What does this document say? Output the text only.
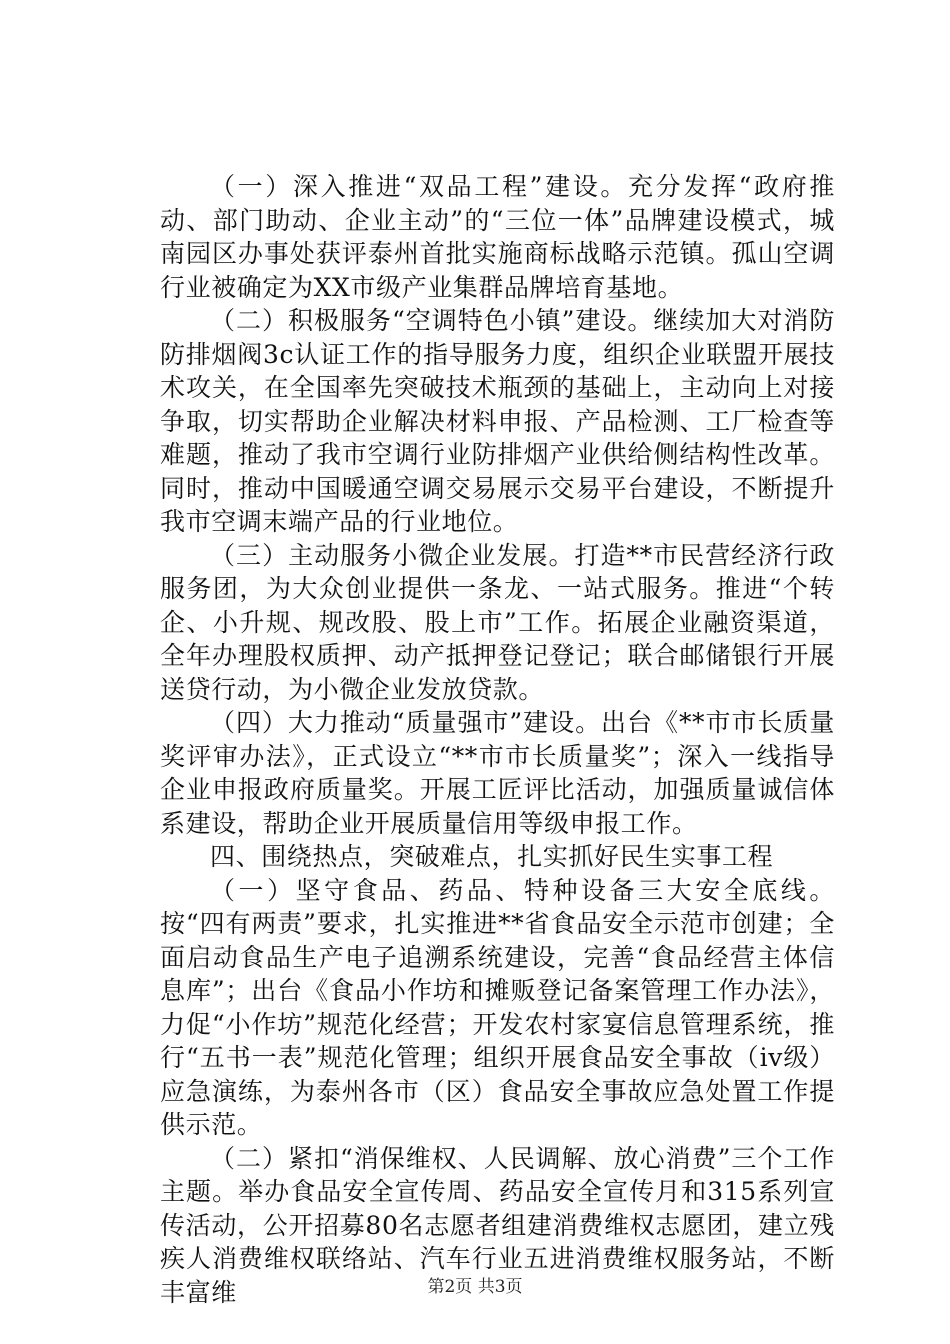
（一）深入推进“双品工程”建设。充分发挥“政府推动、部门助动、企业主动”的“三位一体”品牌建设模式，城南园区办事处获评泰州首批实施商标战略示范镇。孤山空调行业被确定为XX市级产业集群品牌培育基地。

（二）积极服务“空调特色小镇”建设。继续加大对消防防排烟阀3c认证工作的指导服务力度，组织企业联盟开展技术攻关，在全国率先突破技术瓶颈的基础上，主动向上对接争取，切实帮助企业解决材料申报、产品检测、工厂检查等难题，推动了我市空调行业防排烟产业供给侧结构性改革。同时，推动中国暖通空调交易展示交易平台建设，不断提升我市空调末端产品的行业地位。

（三）主动服务小微企业发展。打造**市民营经济行政服务团，为大众创业提供一条龙、一站式服务。推进“个转企、小升规、规改股、股上市”工作。拓展企业融资渠道，全年办理股权质押、动产抵押登记登记；联合邮储银行开展送贷行动，为小微企业发放贷款。

（四）大力推动“质量强市”建设。出台《**市市长质量奖评审办法》，正式设立“**市市长质量奖”；深入一线指导企业申报政府质量奖。开展工匠评比活动，加强质量诚信体系建设，帮助企业开展质量信用等级申报工作。

四、围绕热点，突破难点，扎实抓好民生实事工程

（一）坚守食品、药品、特种设备三大安全底线。按“四有两责”要求，扎实推进**省食品安全示范市创建；全面启动食品生产电子追溯系统建设，完善“食品经营主体信息库”；出台《食品小作坊和摊贩登记备案管理工作办法》，力促“小作坊”规范化经营；开发农村家宴信息管理系统，推行“五书一表”规范化管理；组织开展食品安全事故（iv级）应急演练，为泰州各市（区）食品安全事故应急处置工作提供示范。

（二）紧扣“消保维权、人民调解、放心消费”三个工作主题。举办食品安全宣传周、药品安全宣传月和315系列宣传活动，公开招募80名志愿者组建消费维权志愿团，建立残疾人消费维权联络站、汽车行业五进消费维权服务站，不断丰富维	第2页 共3页
